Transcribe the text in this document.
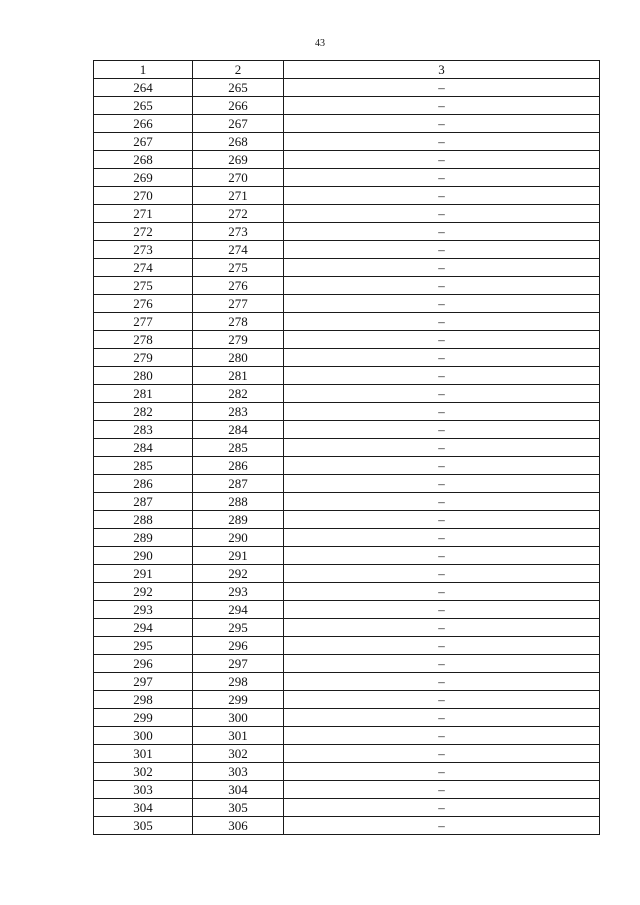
43
1	2	3
264	265	–
265	266	–
266	267	–
267	268	–
268	269	–
269	270	–
270	271	–
271	272	–
272	273	–
273	274	–
274	275	–
275	276	–
276	277	–
277	278	–
278	279	–
279	280	–
280	281	–
281	282	–
282	283	–
283	284	–
284	285	–
285	286	–
286	287	–
287	288	–
288	289	–
289	290	–
290	291	–
291	292	–
292	293	–
293	294	–
294	295	–
295	296	–
296	297	–
297	298	–
298	299	–
299	300	–
300	301	–
301	302	–
302	303	–
303	304	–
304	305	–
305	306	–
